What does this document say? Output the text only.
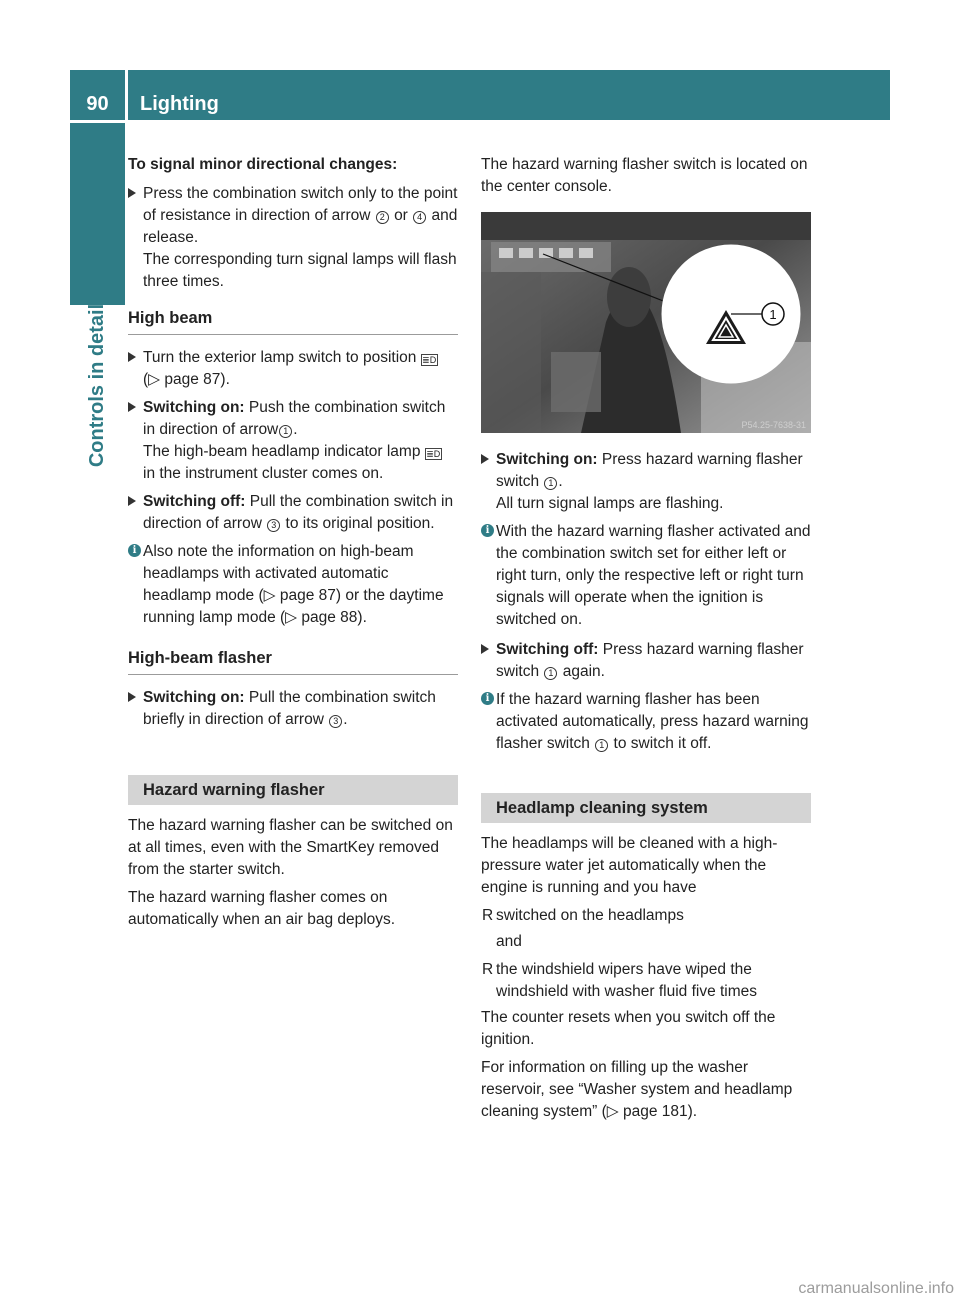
90 Lighting
Controls in detail
To signal minor directional changes:
Press the combination switch only to the point of resistance in direction of arrow 2 or 4 and release.
The corresponding turn signal lamps will flash three times.
High beam
Turn the exterior lamp switch to position ≣D (▷ page 87).
Switching on: Push the combination switch in direction of arrow 1 .
The high-beam headlamp indicator lamp ≣D in the instrument cluster comes on.
Switching off: Pull the combination switch in direction of arrow 3 to its original position.
i Also note the information on high-beam headlamps with activated automatic headlamp mode (▷ page 87) or the daytime running lamp mode (▷ page 88).
High-beam flasher
Switching on: Pull the combination switch briefly in direction of arrow 3 .
Hazard warning flasher

The hazard warning flasher can be switched on at all times, even with the SmartKey removed from the starter switch.

The hazard warning flasher comes on automatically when an air bag deploys.

The hazard warning flasher switch is located on the center console.

1
P54.25-7638-31
Switching on: Press hazard warning flasher switch 1 .
All turn signal lamps are flashing.
i With the hazard warning flasher activated and the combination switch set for either left or right turn, only the respective left or right turn signals will operate when the ignition is switched on.
Switching off: Press hazard warning flasher switch 1 again.
i If the hazard warning flasher has been activated automatically, press hazard warning flasher switch 1 to switch it off.
Headlamp cleaning system

The headlamps will be cleaned with a high-pressure water jet automatically when the engine is running and you have

R switched on the headlamps

and

R the windshield wipers have wiped the windshield with washer fluid five times

The counter resets when you switch off the ignition.

For information on filling up the washer reservoir, see “Washer system and headlamp cleaning system” (▷ page 181).

carmanualsonline.info
